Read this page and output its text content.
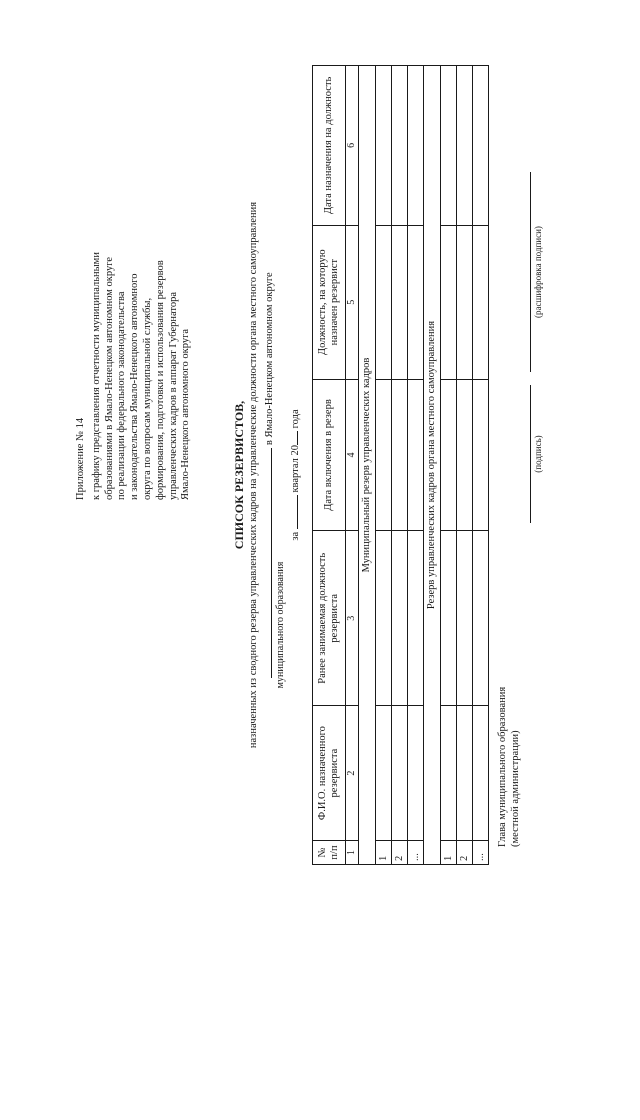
Приложение № 14 к графику представления отчетности муниципальными образованиями в Ямало-Ненецком автономном округе по реализации федерального законодательства и законодательства Ямало-Ненецкого автономного округа по вопросам муниципальной службы, формирования, подготовки и использования резервов управленческих кадров в аппарат Губернатора Ямало-Ненецкого автономного округа	СПИСОК РЕЗЕРВИСТОВ, назначенных из сводного резерва управленческих кадров на управленческие должности органа местного самоуправления в Ямало-Ненецком автономном округе
муниципального образования
за  квартал 20 года
№ п/п	Ф.И.О. назначенного резервиста	Ранее занимаемая должность резервиста	Дата включения в резерв	Должность, на которую назначен резервист	Дата назначения на должность
1	2	3	4	5	6
Муниципальный резерв управленческих кадров					
1					
2					
...					
Резерв управленческих кадров органа местного самоуправления					
1					
2					
...					
Глава муниципального образования (местной администрации)
(подпись)
(расшифровка подписи)
